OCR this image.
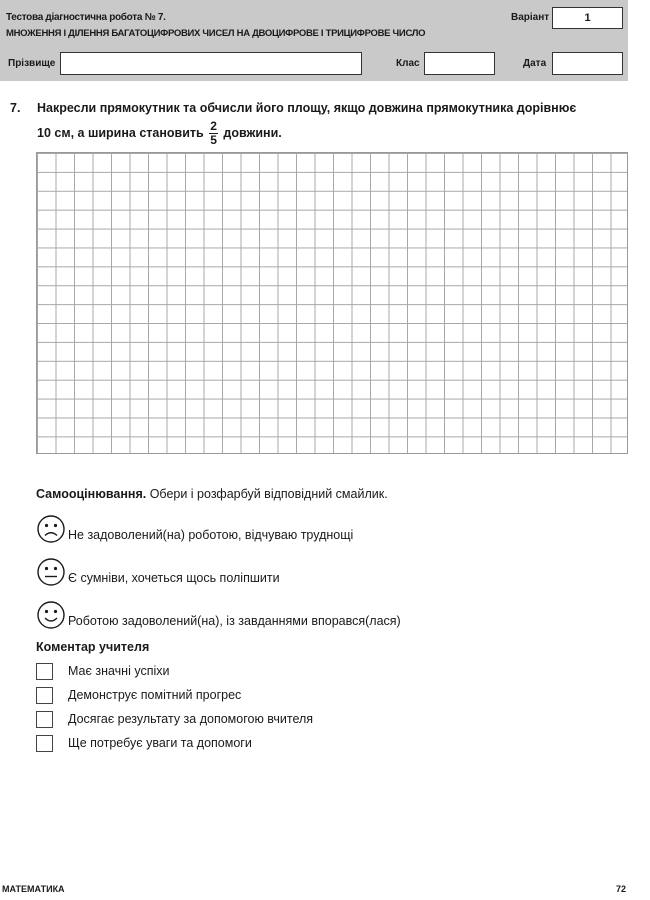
Тестова діагностична робота № 7.
МНОЖЕННЯ І ДІЛЕННЯ БАГАТОЦИФРОВИХ ЧИСЕЛ НА ДВОЦИФРОВЕ І ТРИЦИФРОВЕ ЧИСЛО
Варіант	1
Прізвище	Клас	Дата
7. Накресли прямокутник та обчисли його площу, якщо довжина прямокутника дорівнює
10 см, а ширина становить $\frac{2}{5}$ довжини.
Самооцінювання. Обери і розфарбуй відповідний смайлик.
Не задоволений(на) роботою, відчуваю труднощі
Є сумніви, хочеться щось поліпшити
Роботою задоволений(на), із завданнями впорався(лася)
Коментар учителя
Має значні успіхи
Демонструє помітний прогрес
Досягає результату за допомогою вчителя
Ще потребує уваги та допомоги
МАТЕМАТИКА	72
